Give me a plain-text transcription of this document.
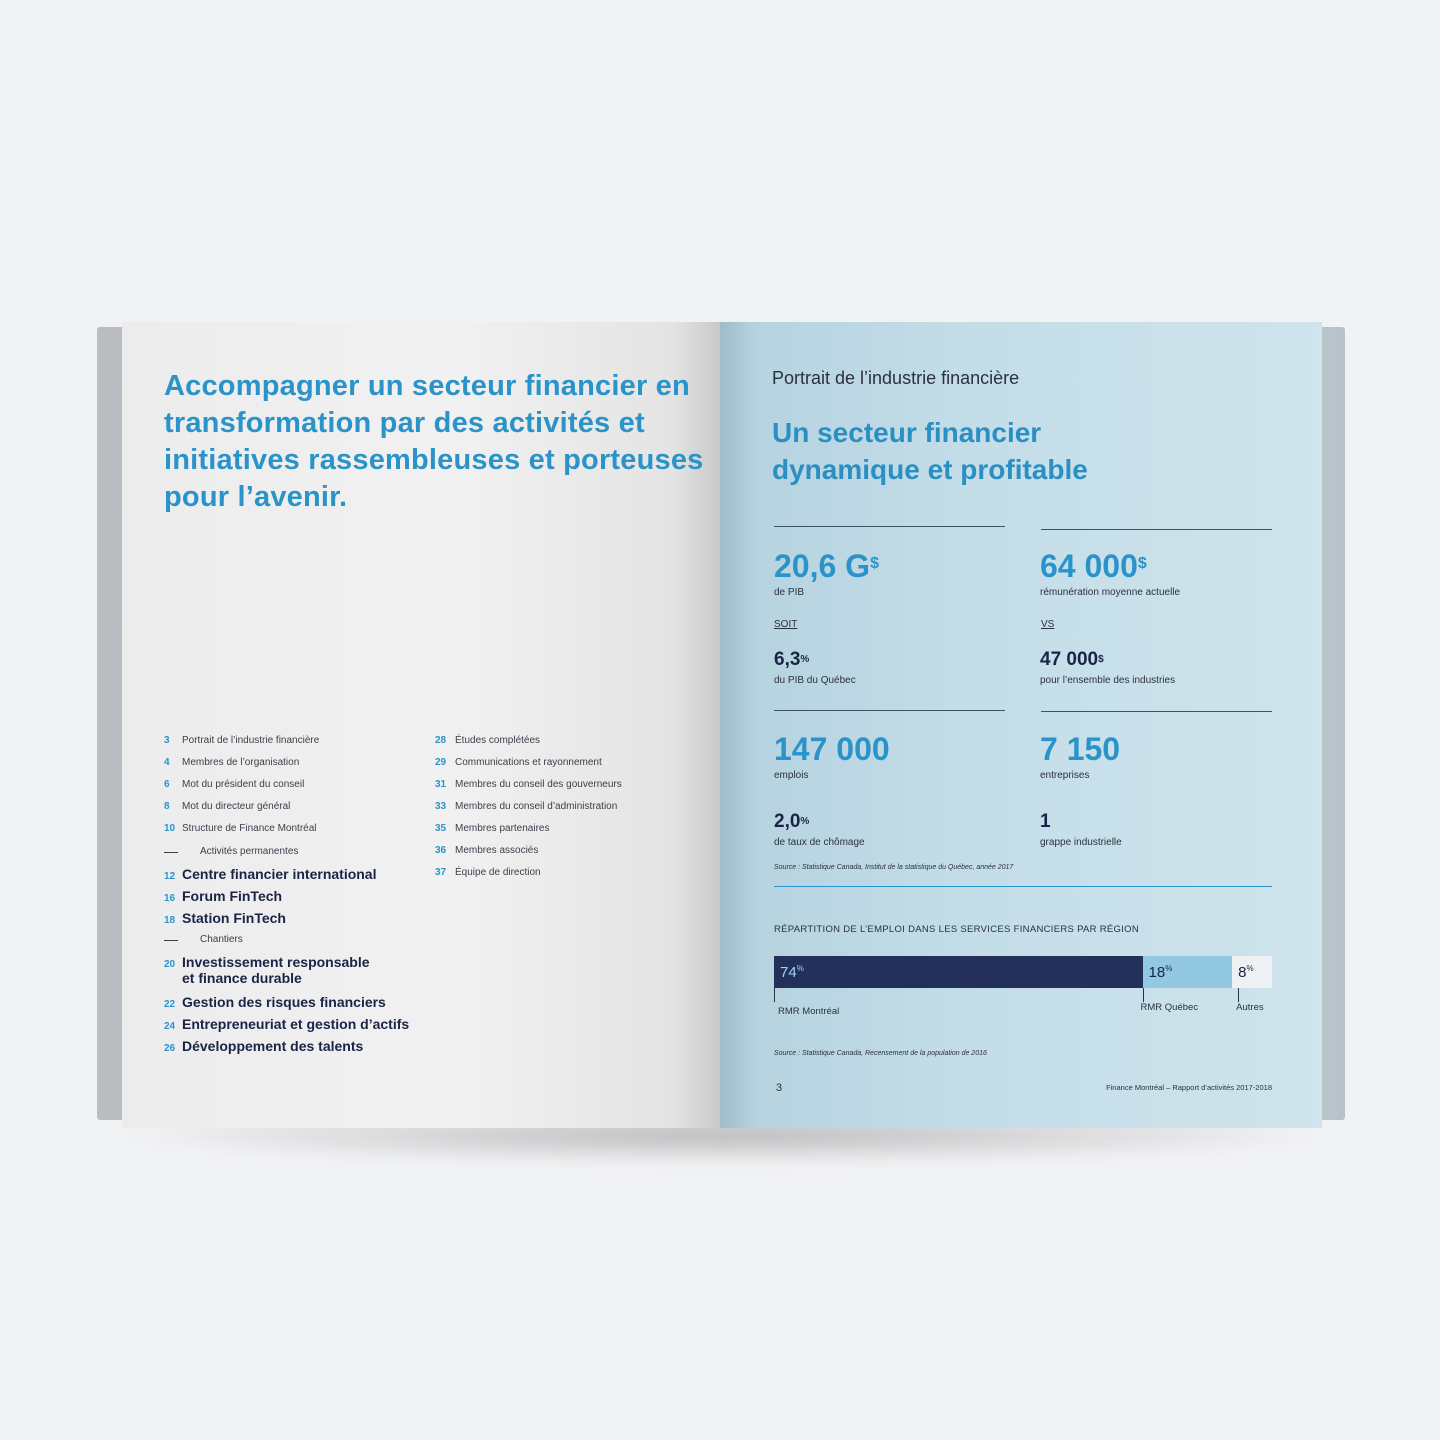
Accompagner un secteur financier en transformation par des activités et initiatives rassembleuses et porteuses pour l’avenir.
3 Portrait de l’industrie financière
4 Membres de l’organisation
6 Mot du président du conseil
8 Mot du directeur général
10 Structure de Finance Montréal
Activités permanentes
12 Centre financier international
16 Forum FinTech
18 Station FinTech
Chantiers
20 Investissement responsable
et finance durable
22 Gestion des risques financiers
24 Entrepreneuriat et gestion d’actifs
26 Développement des talents
28 Études complétées
29 Communications et rayonnement
31 Membres du conseil des gouverneurs
33 Membres du conseil d’administration
35 Membres partenaires
36 Membres associés
37 Équipe de direction
Portrait de l’industrie financière
Un secteur financier
dynamique et profitable
20,6 G$
de PIB
SOIT
6,3%
du PIB du Québec
64 000$
rémunération moyenne actuelle
VS
47 000$
pour l’ensemble des industries
147 000
emplois
7 150
entreprises
2,0%
de taux de chômage
1
grappe industrielle
Source : Statistique Canada, Institut de la statistique du Québec, année 2017
RÉPARTITION DE L’EMPLOI DANS LES SERVICES FINANCIERS PAR RÉGION
74%	18%	8%
RMR Montréal	RMR Québec	Autres
Source : Statistique Canada, Recensement de la population de 2016
3	Finance Montréal – Rapport d’activités 2017-2018
